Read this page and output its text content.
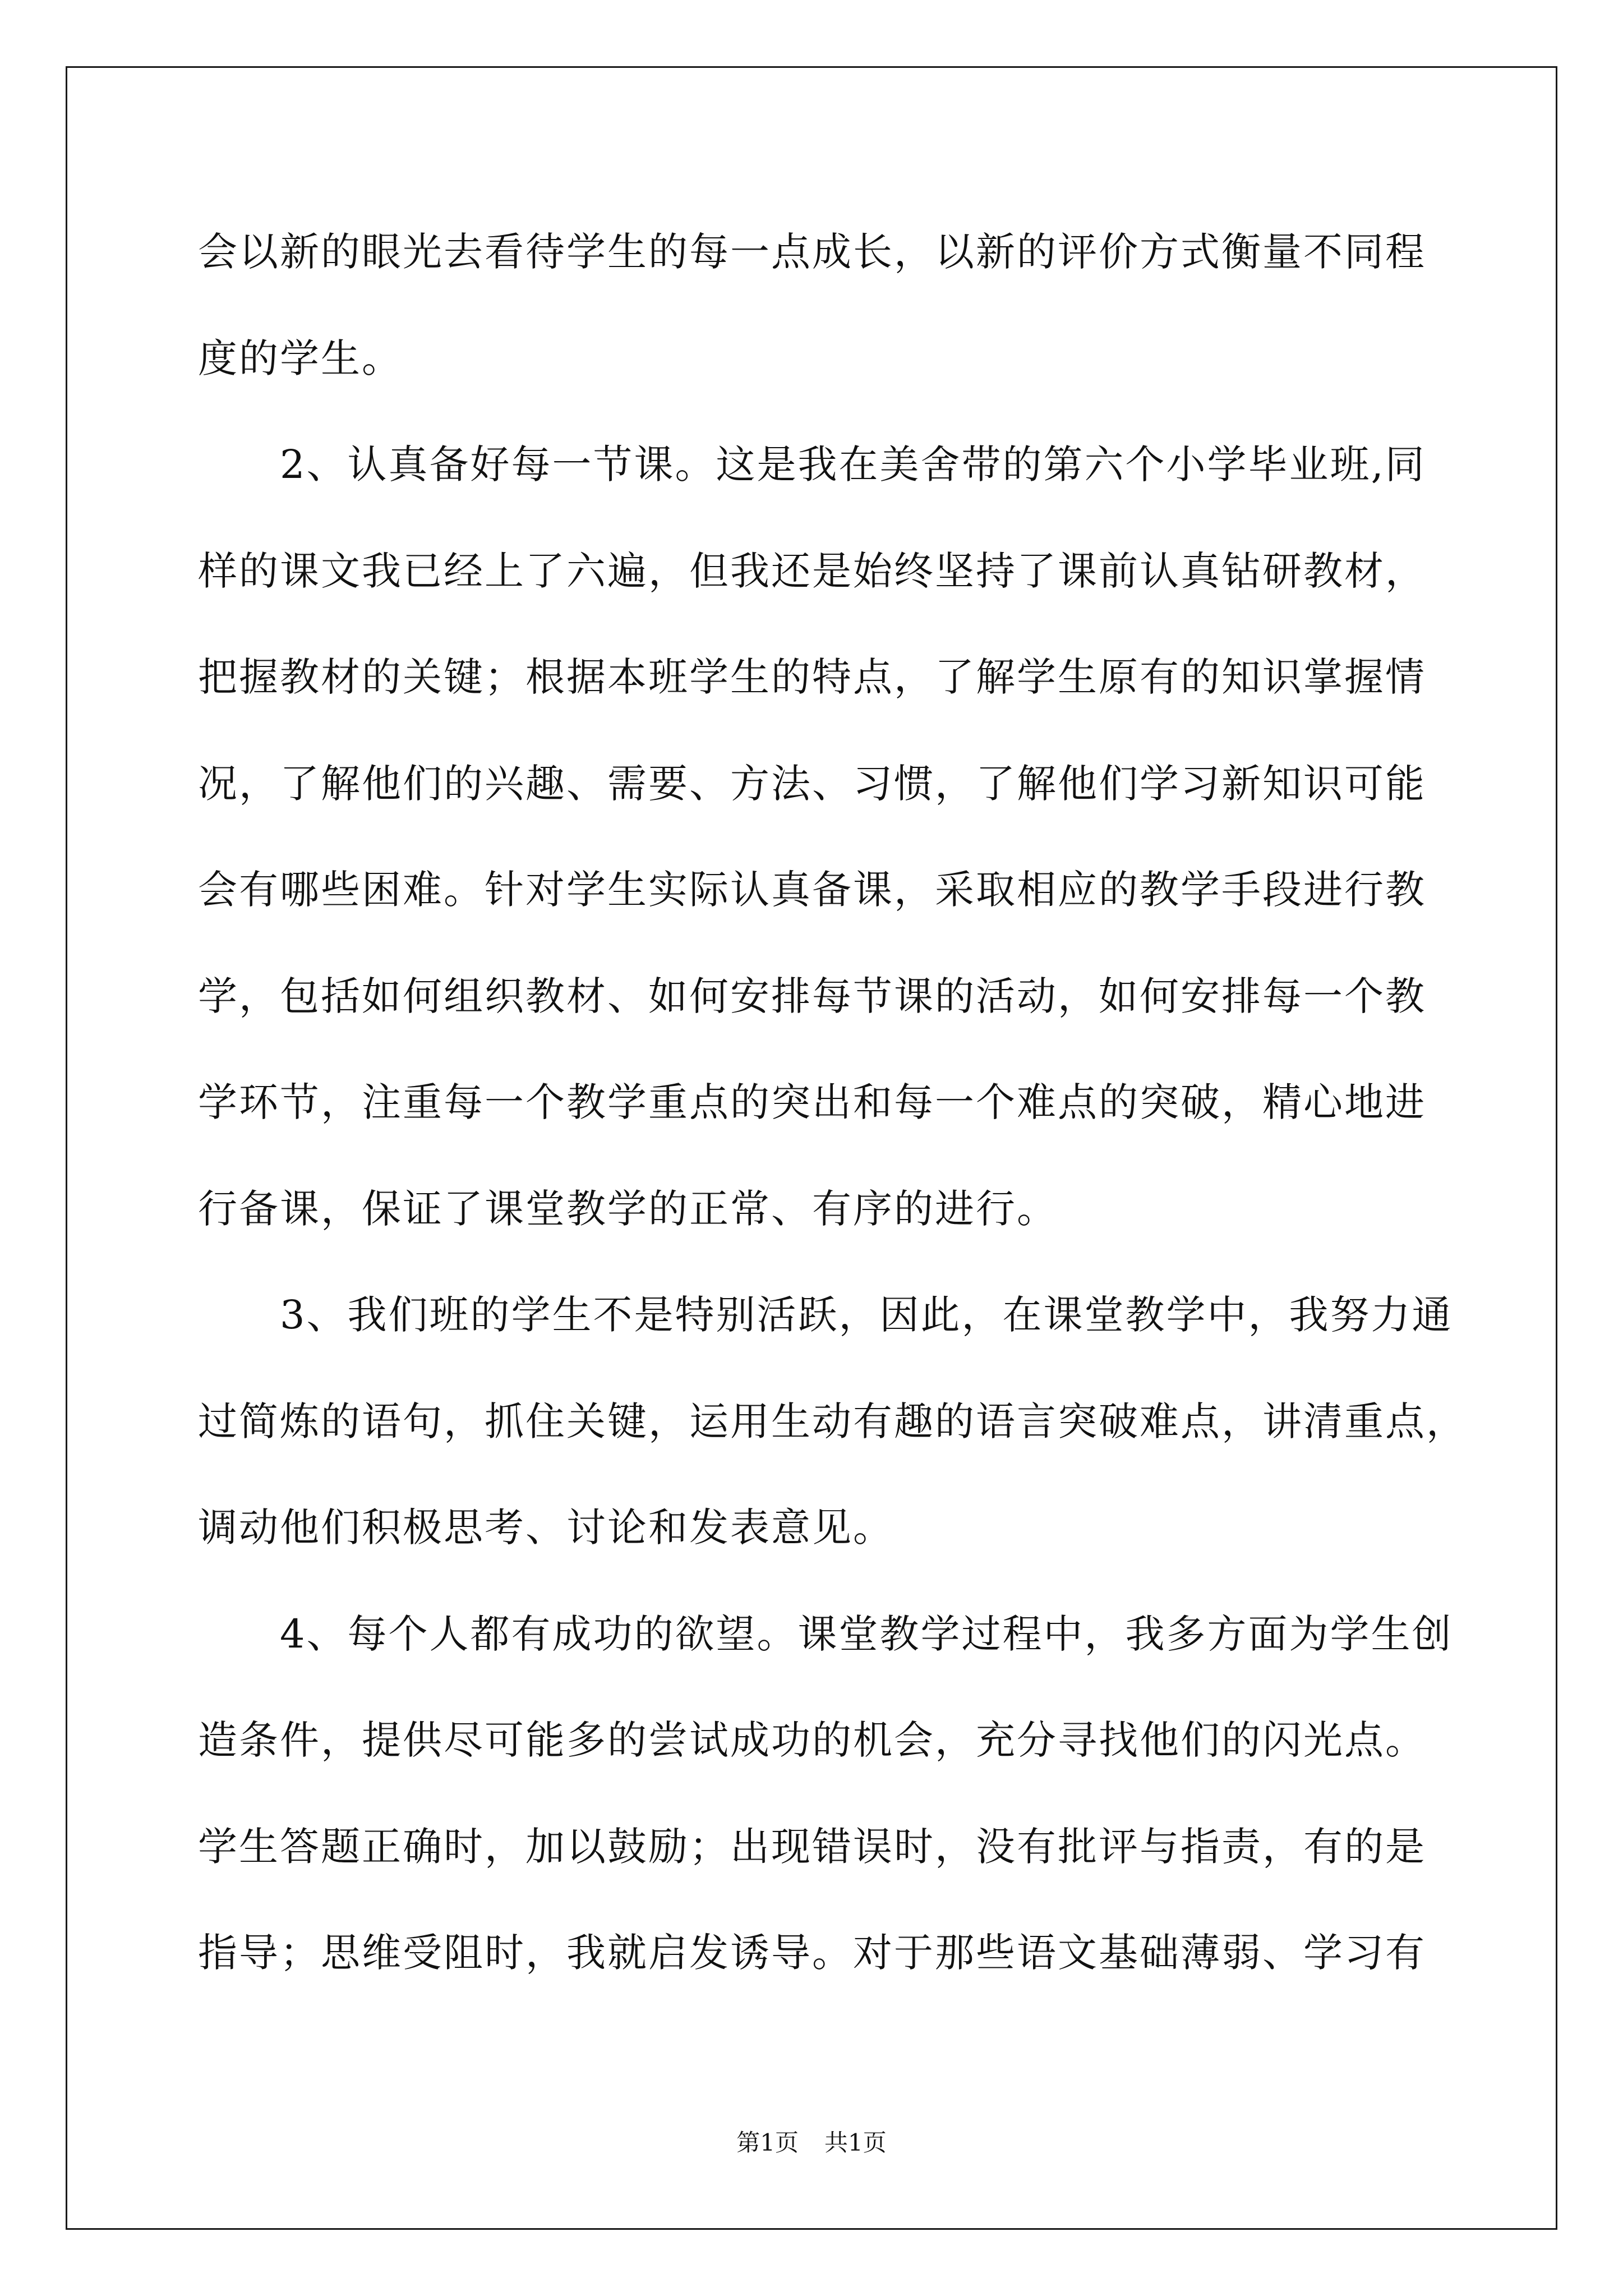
会以新的眼光去看待学生的每一点成长，以新的评价方式衡量不同程
度的学生。
2、认真备好每一节课。这是我在美舍带的第六个小学毕业班,同
样的课文我已经上了六遍，但我还是始终坚持了课前认真钻研教材，
把握教材的关键；根据本班学生的特点，了解学生原有的知识掌握情
况，了解他们的兴趣、需要、方法、习惯，了解他们学习新知识可能
会有哪些困难。针对学生实际认真备课，采取相应的教学手段进行教
学，包括如何组织教材、如何安排每节课的活动，如何安排每一个教
学环节，注重每一个教学重点的突出和每一个难点的突破，精心地进
行备课，保证了课堂教学的正常、有序的进行。
3、我们班的学生不是特别活跃，因此，在课堂教学中，我努力通
过简炼的语句，抓住关键，运用生动有趣的语言突破难点，讲清重点，
调动他们积极思考、讨论和发表意见。
4、每个人都有成功的欲望。课堂教学过程中，我多方面为学生创
造条件，提供尽可能多的尝试成功的机会，充分寻找他们的闪光点。
学生答题正确时，加以鼓励；出现错误时，没有批评与指责，有的是
指导；思维受阻时，我就启发诱导。对于那些语文基础薄弱、学习有
第1页 共1页
